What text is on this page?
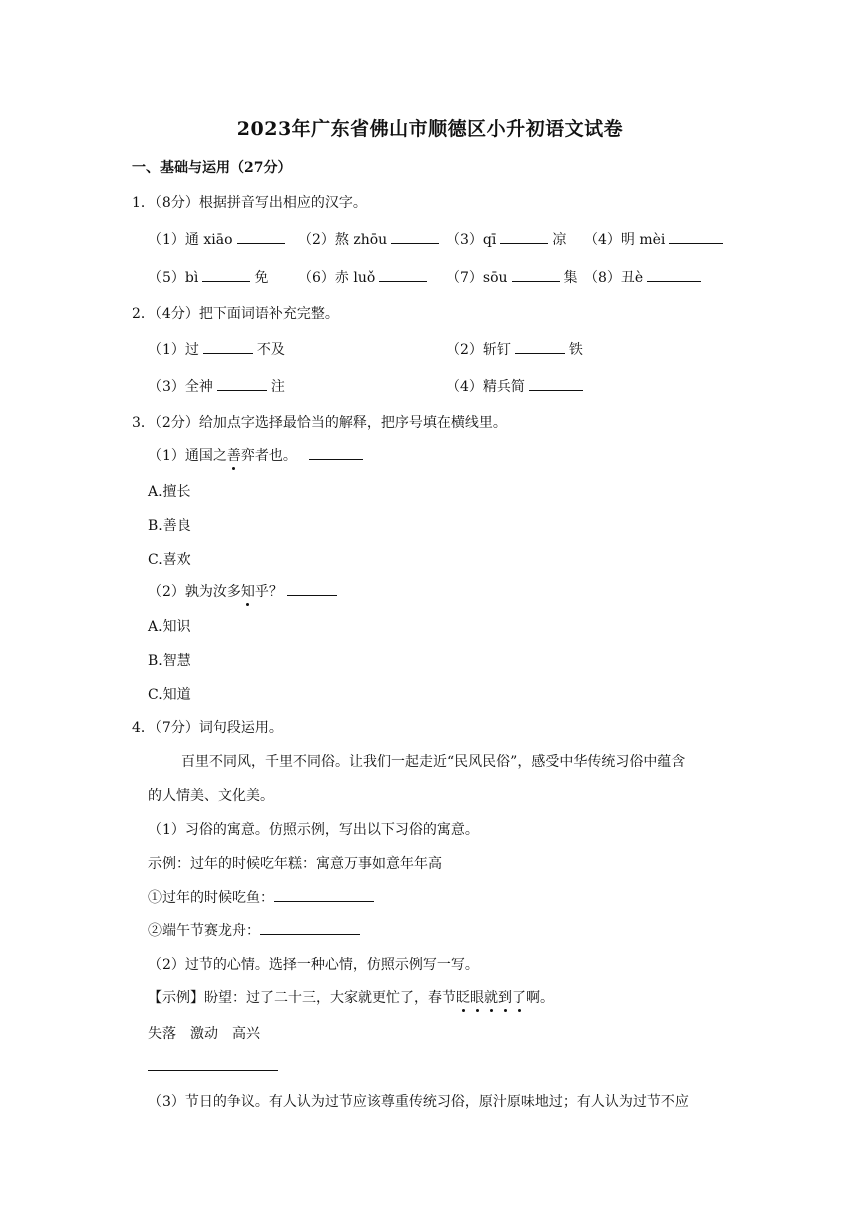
2023年广东省佛山市顺德区小升初语文试卷
一、基础与运用（27分）
1．（8分）根据拼音写出相应的汉字。
（1）通 xiāo	（2）熬 zhōu	（3）qī	凉 （4）明 mèi
（5）bì	免 （6）赤 luǒ	（7）sōu	集 （8）丑è
2．（4分）把下面词语补充完整。
（1）过	不及	（2）斩钉	铁
（3）全神	注	（4）精兵简
3．（2分）给加点字选择最恰当的解释，把序号填在横线里。
（1）通国之善弈者也。
A.擅长
B.善良
C.喜欢
（2）孰为汝多知乎？
A.知识
B.智慧
C.知道
4．（7分）词句段运用。
百里不同风，千里不同俗。让我们一起走近“民风民俗”，感受中华传统习俗中蕴含
的人情美、文化美。
（1）习俗的寓意。仿照示例，写出以下习俗的寓意。
示例：过年的时候吃年糕：寓意万事如意年年高
①过年的时候吃鱼：
②端午节赛龙舟：
（2）过节的心情。选择一种心情，仿照示例写一写。
【示例】盼望：过了二十三，大家就更忙了，春节眨眼就到了啊。
失落　激动　高兴
（3）节日的争议。有人认为过节应该尊重传统习俗，原汁原味地过；有人认为过节不应
